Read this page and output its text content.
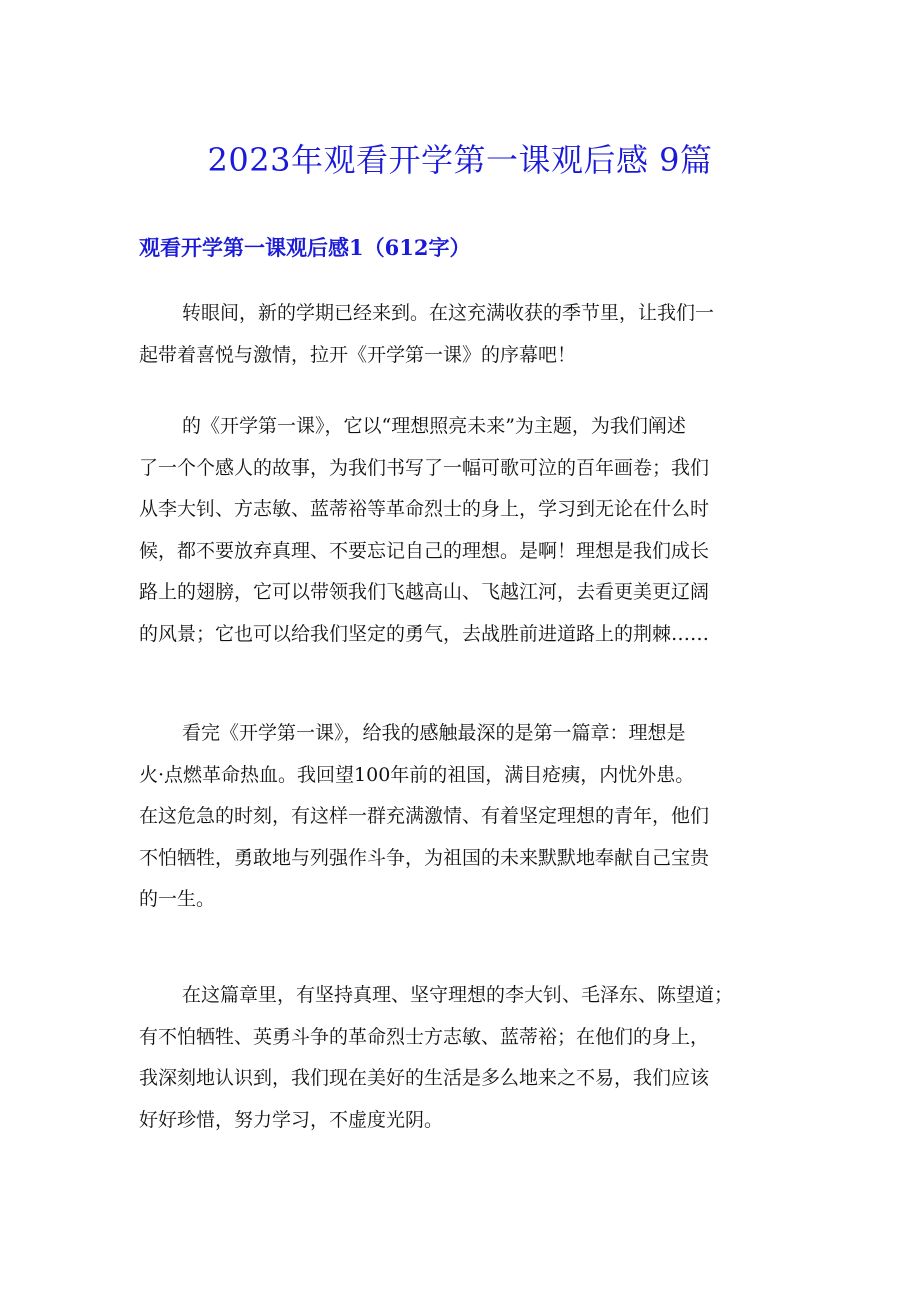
2023年观看开学第一课观后感 9篇
观看开学第一课观后感1（612字）
转眼间，新的学期已经来到。在这充满收获的季节里，让我们一
起带着喜悦与激情，拉开《开学第一课》的序幕吧！
的《开学第一课》，它以“理想照亮未来”为主题，为我们阐述
了一个个感人的故事，为我们书写了一幅可歌可泣的百年画卷；我们
从李大钊、方志敏、蓝蒂裕等革命烈士的身上，学习到无论在什么时
候，都不要放弃真理、不要忘记自己的理想。是啊！理想是我们成长
路上的翅膀，它可以带领我们飞越高山、飞越江河，去看更美更辽阔
的风景；它也可以给我们坚定的勇气，去战胜前进道路上的荆棘……
看完《开学第一课》，给我的感触最深的是第一篇章：理想是
火·点燃革命热血。我回望100年前的祖国，满目疮痍，内忧外患。
在这危急的时刻，有这样一群充满激情、有着坚定理想的青年，他们
不怕牺牲，勇敢地与列强作斗争，为祖国的未来默默地奉献自己宝贵
的一生。
在这篇章里，有坚持真理、坚守理想的李大钊、毛泽东、陈望道；
有不怕牺牲、英勇斗争的革命烈士方志敏、蓝蒂裕；在他们的身上，
我深刻地认识到，我们现在美好的生活是多么地来之不易，我们应该
好好珍惜，努力学习，不虚度光阴。
